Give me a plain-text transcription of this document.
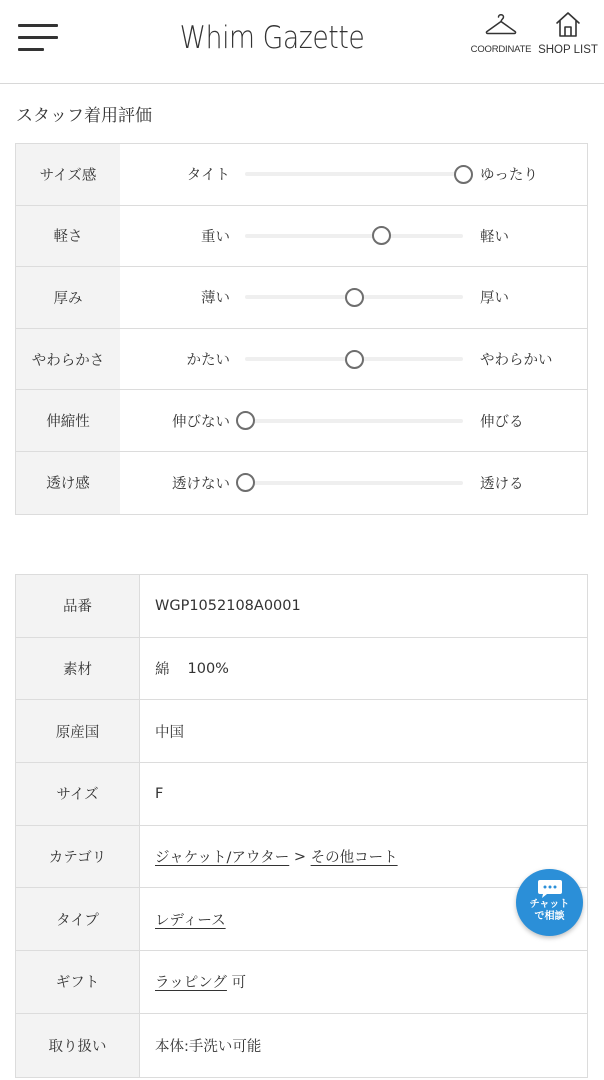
Whim Gazette	COORDINATE SHOP LIST
スタッフ着用評価
サイズ感	タイト	ゆったり
軽さ	重い	軽い
厚み	薄い	厚い
やわらかさ	かたい	やわらかい
伸縮性	伸びない	伸びる
透け感	透けない	透ける
品番	WGP1052108A0001
素材	綿 100%
原産国	中国
サイズ	F
カテゴリ	ジャケット/アウター > その他コート
タイプ	レディース
ギフト	ラッピング 可
取り扱い	本体:手洗い可能
チャット
で相談
